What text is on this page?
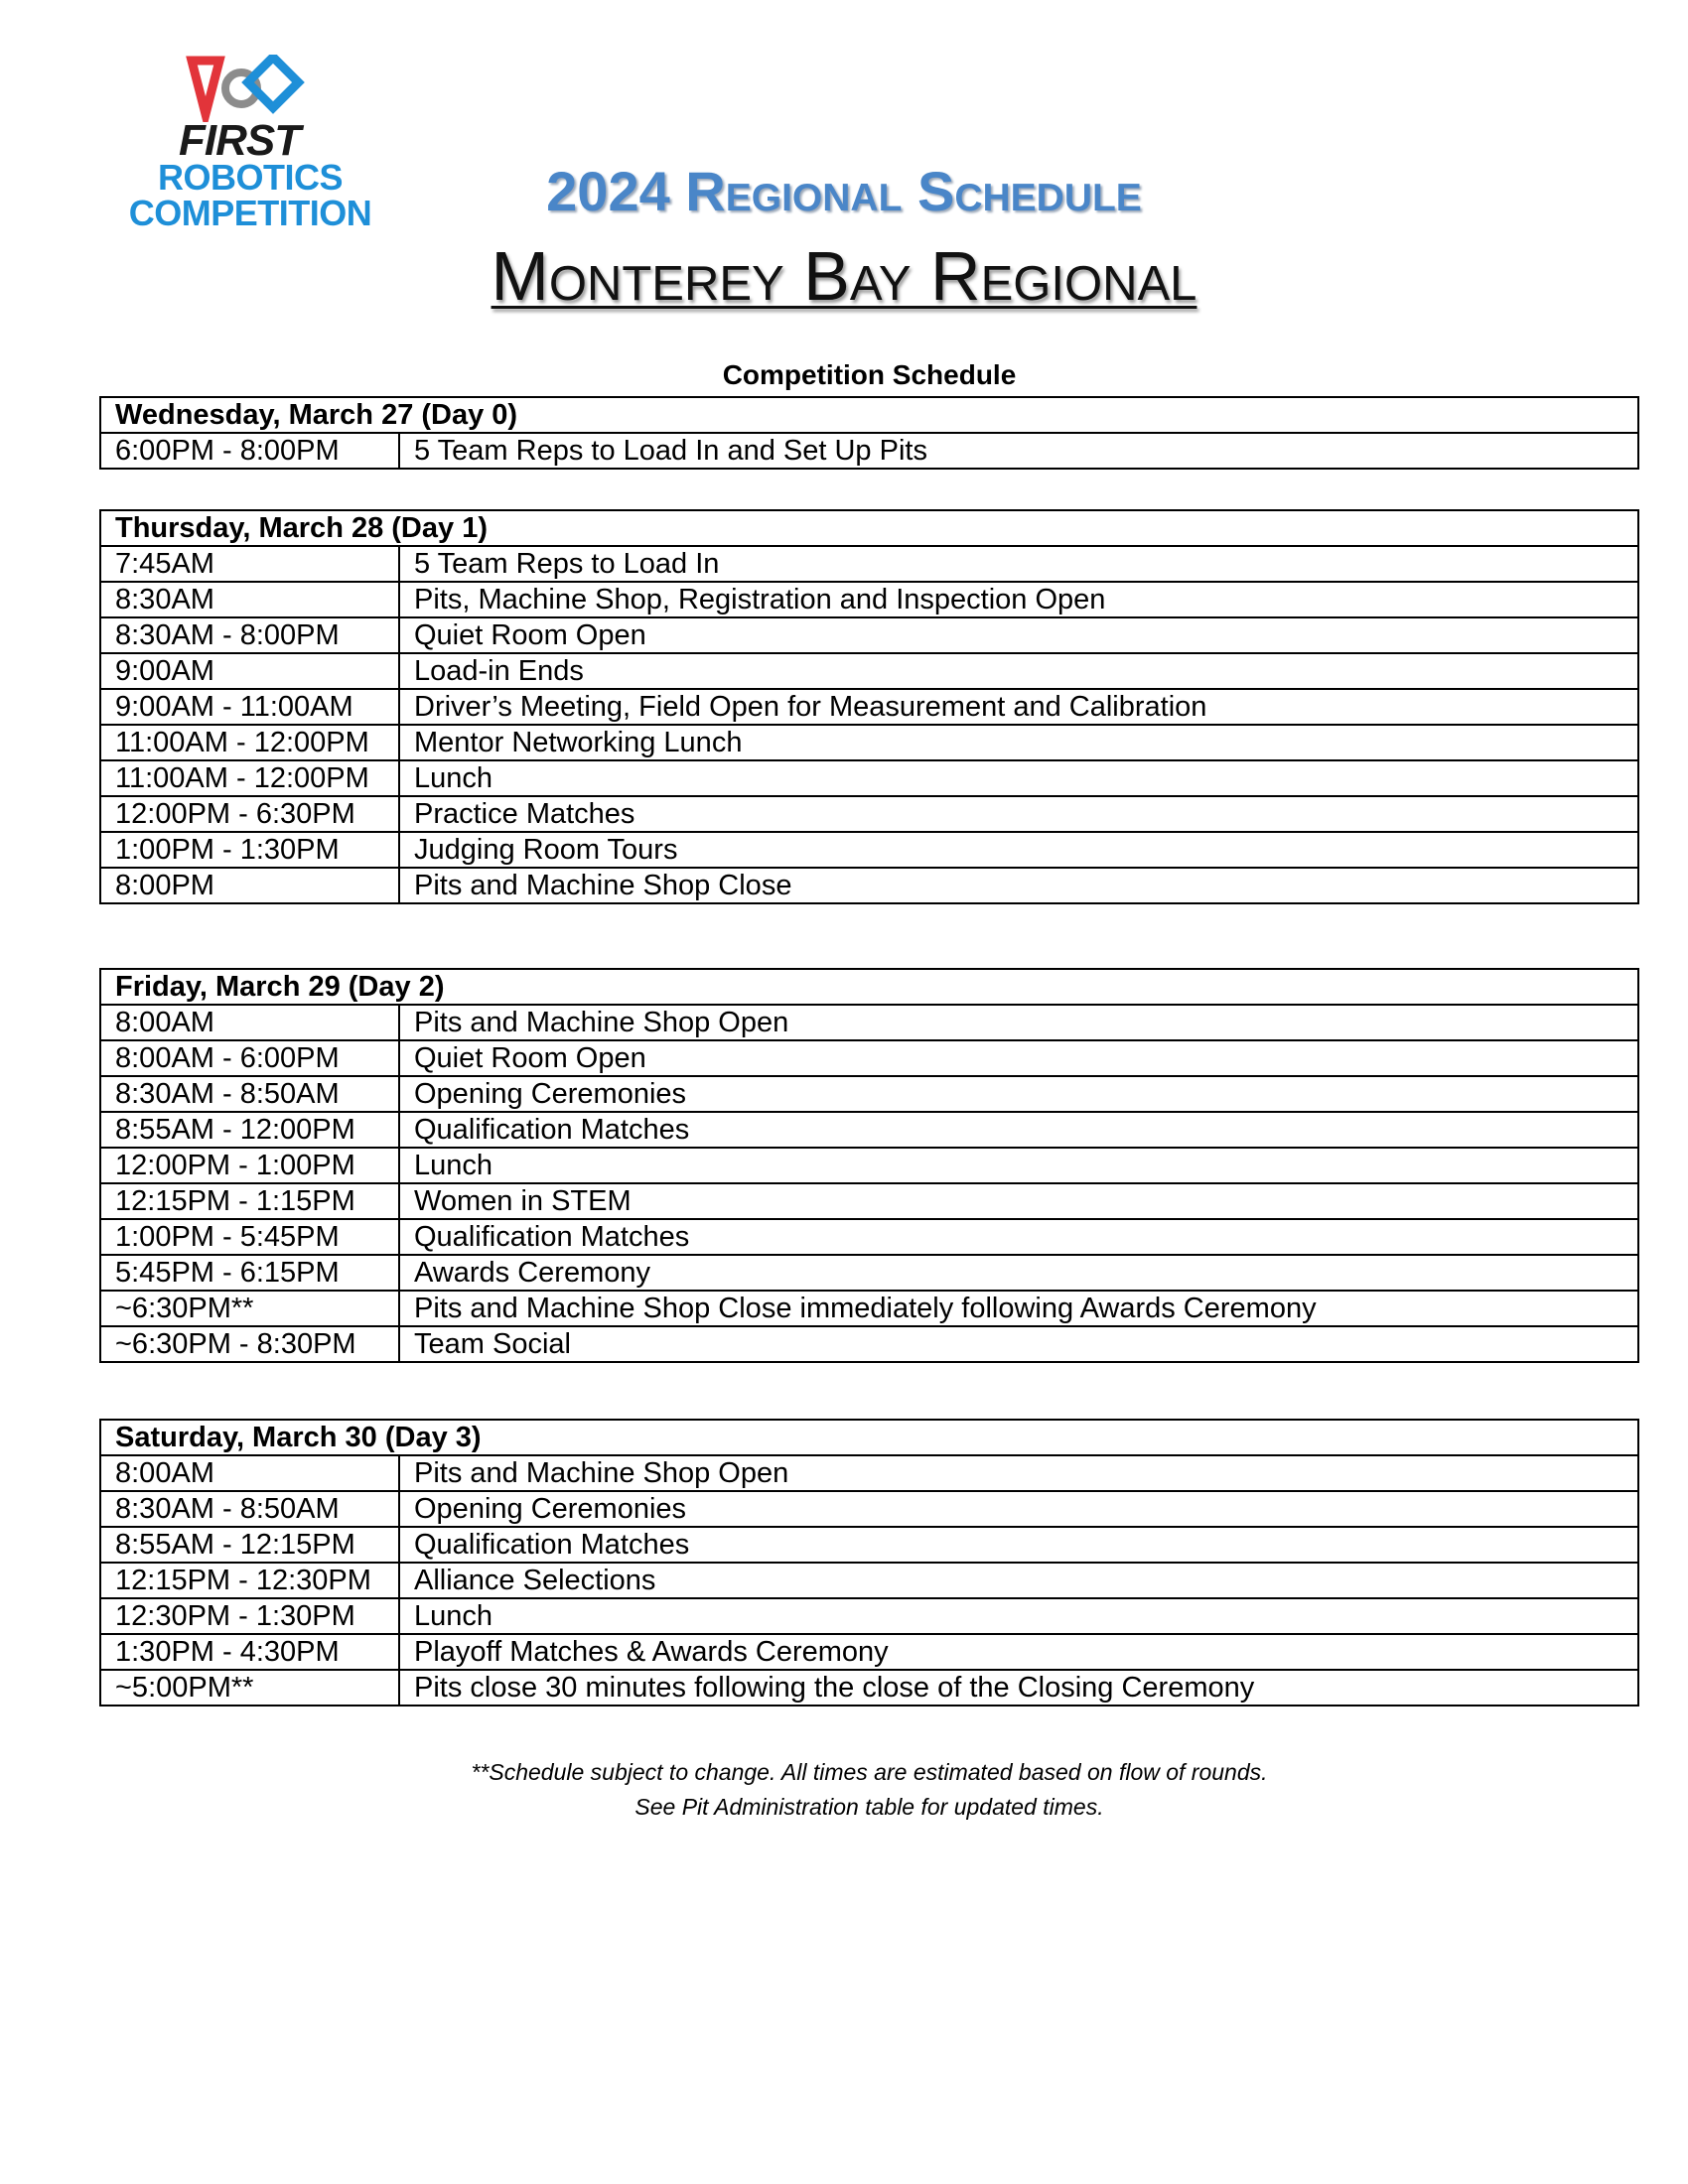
FIRST
ROBOTICS
COMPETITION	2024 Regional Schedule
Monterey Bay Regional
Competition Schedule
Wednesday, March 27 (Day 0)
6:00PM - 8:00PM	5 Team Reps to Load In and Set Up Pits
Thursday, March 28 (Day 1)	
7:45AM	5 Team Reps to Load In
8:30AM	Pits, Machine Shop, Registration and Inspection Open
8:30AM - 8:00PM	Quiet Room Open
9:00AM	Load-in Ends
9:00AM - 11:00AM	Driver’s Meeting, Field Open for Measurement and Calibration
11:00AM - 12:00PM	Mentor Networking Lunch
11:00AM - 12:00PM	Lunch
12:00PM - 6:30PM	Practice Matches
1:00PM - 1:30PM	Judging Room Tours
8:00PM	Pits and Machine Shop Close
Friday, March 29 (Day 2)	
8:00AM	Pits and Machine Shop Open
8:00AM - 6:00PM	Quiet Room Open
8:30AM - 8:50AM	Opening Ceremonies
8:55AM - 12:00PM	Qualification Matches
12:00PM - 1:00PM	Lunch
12:15PM - 1:15PM	Women in STEM
1:00PM - 5:45PM	Qualification Matches
5:45PM - 6:15PM	Awards Ceremony
~6:30PM**	Pits and Machine Shop Close immediately following Awards Ceremony
~6:30PM - 8:30PM	Team Social
Saturday, March 30 (Day 3)	
8:00AM	Pits and Machine Shop Open
8:30AM - 8:50AM	Opening Ceremonies
8:55AM - 12:15PM	Qualification Matches
12:15PM - 12:30PM	Alliance Selections
12:30PM - 1:30PM	Lunch
1:30PM - 4:30PM	Playoff Matches & Awards Ceremony
~5:00PM**	Pits close 30 minutes following the close of the Closing Ceremony
**Schedule subject to change. All times are estimated based on flow of rounds.
See Pit Administration table for updated times.
